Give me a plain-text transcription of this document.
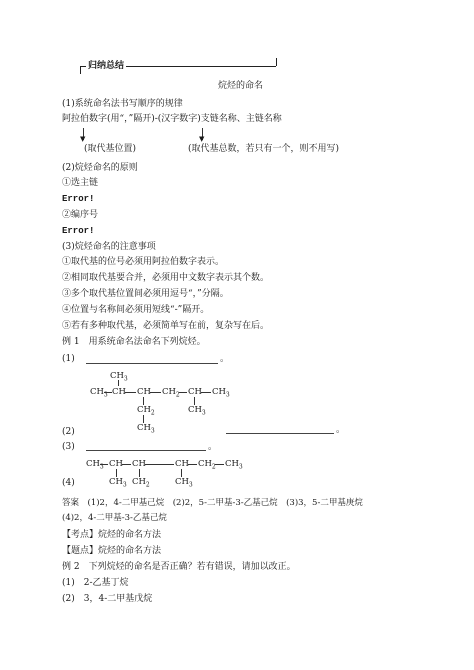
归纳总结
烷烃的命名
(1)系统命名法书写顺序的规律
阿拉伯数字(用“，”隔开)-(汉字数字)支链名称、主链名称
▼	▼
(取代基位置)	(取代基总数，若只有一个，则不用写)
(2)烷烃命名的原则
①选主链
Error!
②编序号
Error!
(3)烷烃命名的注意事项
①取代基的位号必须用阿拉伯数字表示。
②相同取代基要合并，必须用中文数字表示其个数。
③多个取代基位置间必须用逗号“，”分隔。
④位置与名称间必须用短线“-”隔开。
⑤若有多种取代基，必须简单写在前，复杂写在后。
例 1　用系统命名法命名下列烷烃。
(1)	。
$CH_3$
$CH_3$ CH CH $CH_2$ CH $CH_3$
$CH_2$	$CH_3$
$CH_3$
(2)	。
(3)	。
$CH_3$ CH CH	CH $CH_2$ $CH_3$
$CH_3$ $CH_2$	$CH_3$
(4)
答案　(1)2，4-二甲基己烷　(2)2，5-二甲基-3-乙基己烷　(3)3，5-二甲基庚烷
(4)2，4-二甲基-3-乙基己烷
【考点】烷烃的命名方法
【题点】烷烃的命名方法
例 2　下列烷烃的命名是否正确？若有错误，请加以改正。
(1)　2-乙基丁烷
(2)　3，4-二甲基戊烷
